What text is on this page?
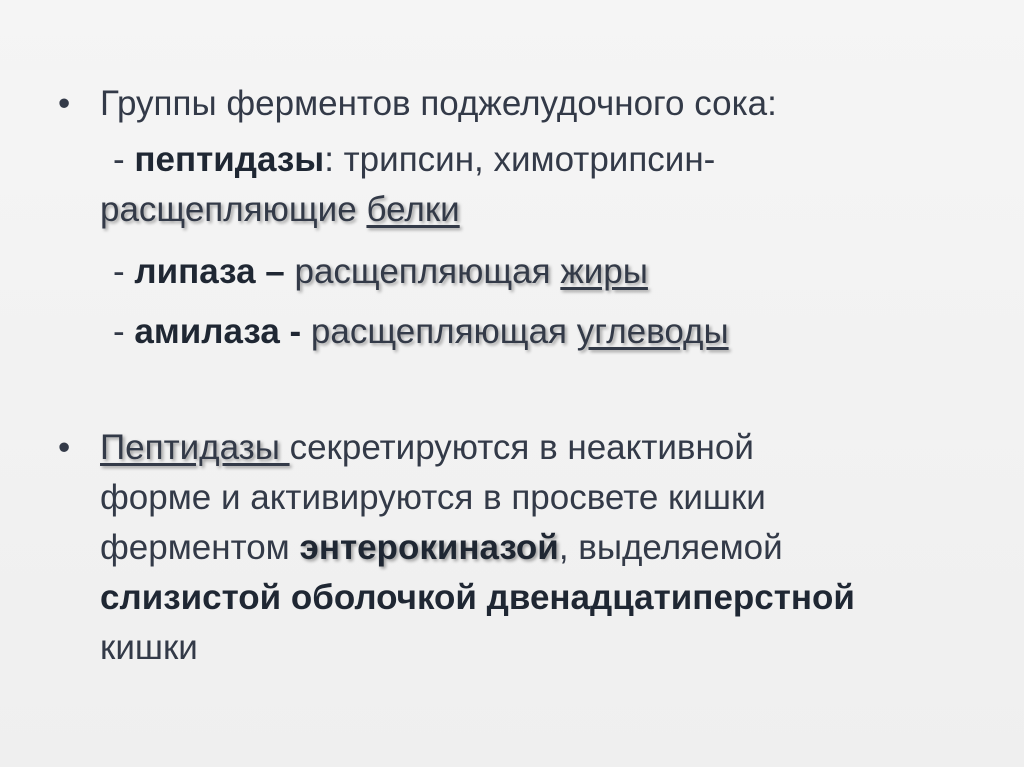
• Группы ферментов поджелудочного сока:
- пептидазы: трипсин, химотрипсин-
расщепляющие белки
- липаза – расщепляющая жиры
- амилаза - расщепляющая углеводы
• Пептидазы секретируются в неактивной
форме и активируются в просвете кишки
ферментом энтерокиназой, выделяемой
слизистой оболочкой двенадцатиперстной
кишки
